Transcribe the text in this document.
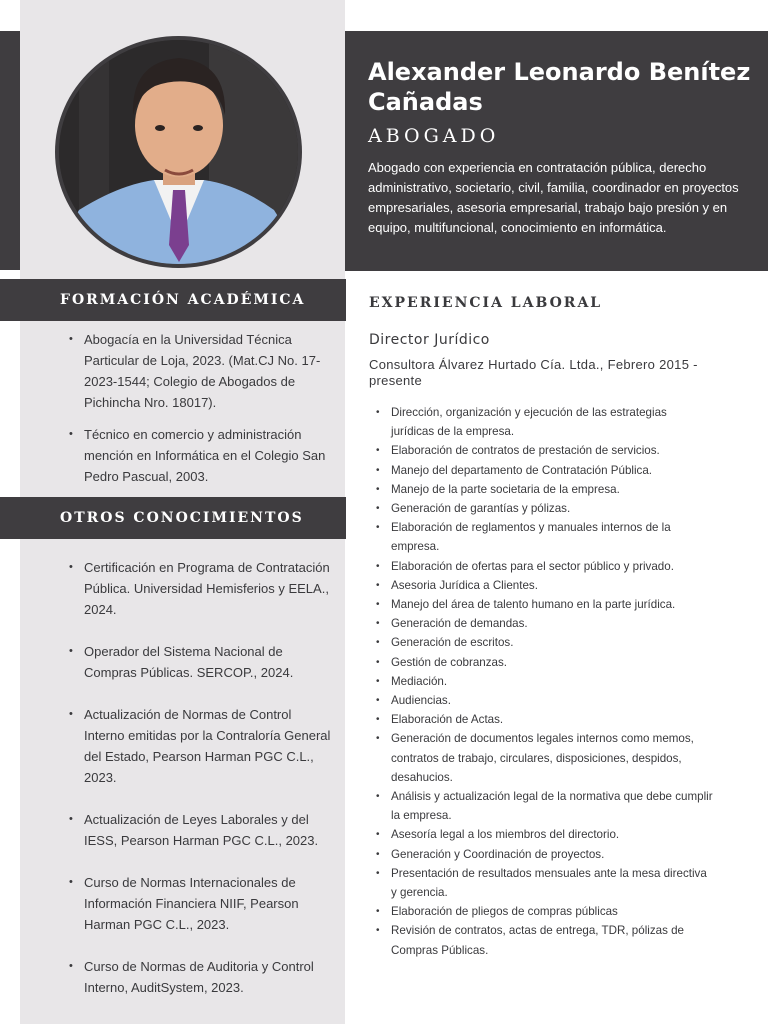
Alexander Leonardo Benítez Cañadas
ABOGADO
Abogado con experiencia en contratación pública, derecho administrativo, societario, civil, familia, coordinador en proyectos empresariales, asesoria empresarial, trabajo bajo presión y en equipo, multifuncional, conocimiento en informática.
FORMACIÓN ACADÉMICA
• Abogacía en la Universidad Técnica Particular de Loja, 2023. (Mat.CJ No. 17-2023-1544; Colegio de Abogados de Pichincha Nro. 18017).
• Técnico en comercio y administración mención en Informática en el Colegio San Pedro Pascual, 2003.
OTROS CONOCIMIENTOS
• Certificación en Programa de Contratación Pública. Universidad Hemisferios y EELA., 2024.
• Operador del Sistema Nacional de Compras Públicas. SERCOP., 2024.
• Actualización de Normas de Control Interno emitidas por la Contraloría General del Estado, Pearson Harman PGC C.L., 2023.
• Actualización de Leyes Laborales y del IESS, Pearson Harman PGC C.L., 2023.
• Curso de Normas Internacionales de Información Financiera NIIF, Pearson Harman PGC C.L., 2023.
• Curso de Normas de Auditoria y Control Interno, AuditSystem, 2023.
EXPERIENCIA LABORAL
Director Jurídico
Consultora Álvarez Hurtado Cía. Ltda., Febrero 2015 - presente
• Dirección, organización y ejecución de las estrategias jurídicas de la empresa.
• Elaboración de contratos de prestación de servicios.
• Manejo del departamento de Contratación Pública.
• Manejo de la parte societaria de la empresa.
• Generación de garantías y pólizas.
• Elaboración de reglamentos y manuales internos de la empresa.
• Elaboración de ofertas para el sector público y privado.
• Asesoria Jurídica a Clientes.
• Manejo del área de talento humano en la parte jurídica.
• Generación de demandas.
• Generación de escritos.
• Gestión de cobranzas.
• Mediación.
• Audiencias.
• Elaboración de Actas.
• Generación de documentos legales internos como memos, contratos de trabajo, circulares, disposiciones, despidos, desahucios.
• Análisis y actualización legal de la normativa que debe cumplir la empresa.
• Asesoría legal a los miembros del directorio.
• Generación y Coordinación de proyectos.
• Presentación de resultados mensuales ante la mesa directiva y gerencia.
• Elaboración de pliegos de compras públicas
• Revisión de contratos, actas de entrega, TDR, pólizas de Compras Públicas.
